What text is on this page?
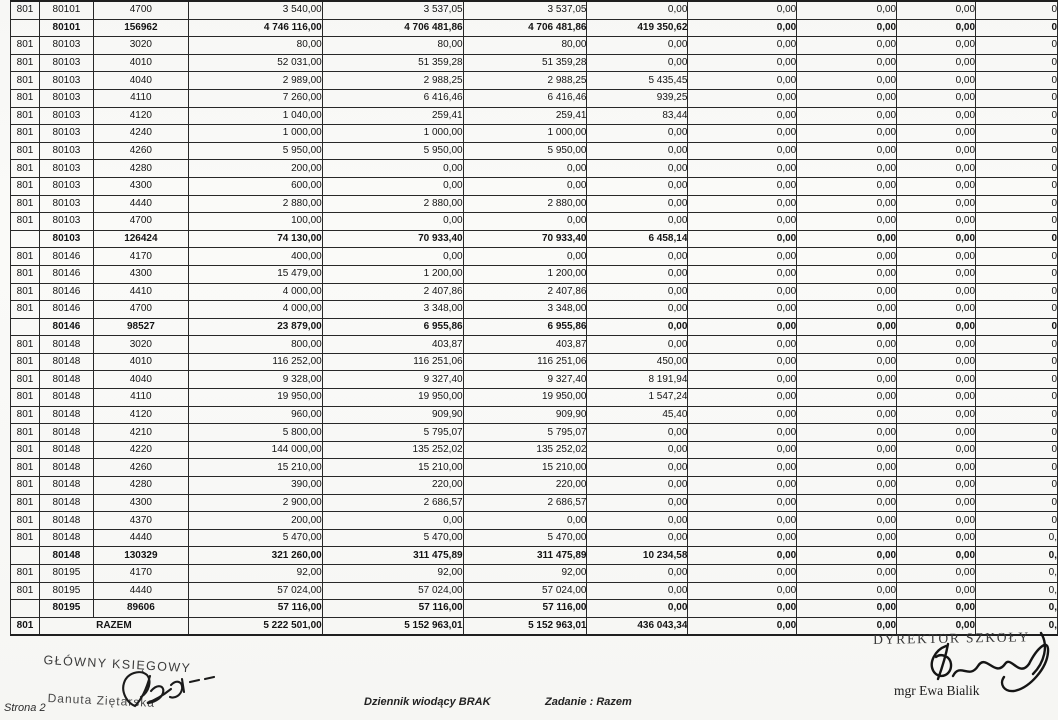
801	80101	4700	3 540,00	3 537,05	3 537,05	0,00	0,00	0,00	0,00	0
	80101	156962	4 746 116,00	4 706 481,86	4 706 481,86	419 350,62	0,00	0,00	0,00	0
801	80103	3020	80,00	80,00	80,00	0,00	0,00	0,00	0,00	0
801	80103	4010	52 031,00	51 359,28	51 359,28	0,00	0,00	0,00	0,00	0
801	80103	4040	2 989,00	2 988,25	2 988,25	5 435,45	0,00	0,00	0,00	0
801	80103	4110	7 260,00	6 416,46	6 416,46	939,25	0,00	0,00	0,00	0
801	80103	4120	1 040,00	259,41	259,41	83,44	0,00	0,00	0,00	0
801	80103	4240	1 000,00	1 000,00	1 000,00	0,00	0,00	0,00	0,00	0
801	80103	4260	5 950,00	5 950,00	5 950,00	0,00	0,00	0,00	0,00	0
801	80103	4280	200,00	0,00	0,00	0,00	0,00	0,00	0,00	0
801	80103	4300	600,00	0,00	0,00	0,00	0,00	0,00	0,00	0
801	80103	4440	2 880,00	2 880,00	2 880,00	0,00	0,00	0,00	0,00	0
801	80103	4700	100,00	0,00	0,00	0,00	0,00	0,00	0,00	0
	80103	126424	74 130,00	70 933,40	70 933,40	6 458,14	0,00	0,00	0,00	0
801	80146	4170	400,00	0,00	0,00	0,00	0,00	0,00	0,00	0
801	80146	4300	15 479,00	1 200,00	1 200,00	0,00	0,00	0,00	0,00	0
801	80146	4410	4 000,00	2 407,86	2 407,86	0,00	0,00	0,00	0,00	0
801	80146	4700	4 000,00	3 348,00	3 348,00	0,00	0,00	0,00	0,00	0
	80146	98527	23 879,00	6 955,86	6 955,86	0,00	0,00	0,00	0,00	0
801	80148	3020	800,00	403,87	403,87	0,00	0,00	0,00	0,00	0
801	80148	4010	116 252,00	116 251,06	116 251,06	450,00	0,00	0,00	0,00	0
801	80148	4040	9 328,00	9 327,40	9 327,40	8 191,94	0,00	0,00	0,00	0
801	80148	4110	19 950,00	19 950,00	19 950,00	1 547,24	0,00	0,00	0,00	0
801	80148	4120	960,00	909,90	909,90	45,40	0,00	0,00	0,00	0
801	80148	4210	5 800,00	5 795,07	5 795,07	0,00	0,00	0,00	0,00	0
801	80148	4220	144 000,00	135 252,02	135 252,02	0,00	0,00	0,00	0,00	0
801	80148	4260	15 210,00	15 210,00	15 210,00	0,00	0,00	0,00	0,00	0
801	80148	4280	390,00	220,00	220,00	0,00	0,00	0,00	0,00	0
801	80148	4300	2 900,00	2 686,57	2 686,57	0,00	0,00	0,00	0,00	0
801	80148	4370	200,00	0,00	0,00	0,00	0,00	0,00	0,00	0
801	80148	4440	5 470,00	5 470,00	5 470,00	0,00	0,00	0,00	0,00	0,
	80148	130329	321 260,00	311 475,89	311 475,89	10 234,58	0,00	0,00	0,00	0,
801	80195	4170	92,00	92,00	92,00	0,00	0,00	0,00	0,00	0,
801	80195	4440	57 024,00	57 024,00	57 024,00	0,00	0,00	0,00	0,00	0,
	80195	89606	57 116,00	57 116,00	57 116,00	0,00	0,00	0,00	0,00	0,
801	RAZEM		5 222 501,00	5 152 963,01	5 152 963,01	436 043,34	0,00	0,00	0,00	0,
GŁÓWNY KSIĘGOWY
Danuta Ziętarska
Strona 2	Dziennik wiodący BRAK	Zadanie : Razem
DYREKTOR SZKOŁY
mgr Ewa Bialik
